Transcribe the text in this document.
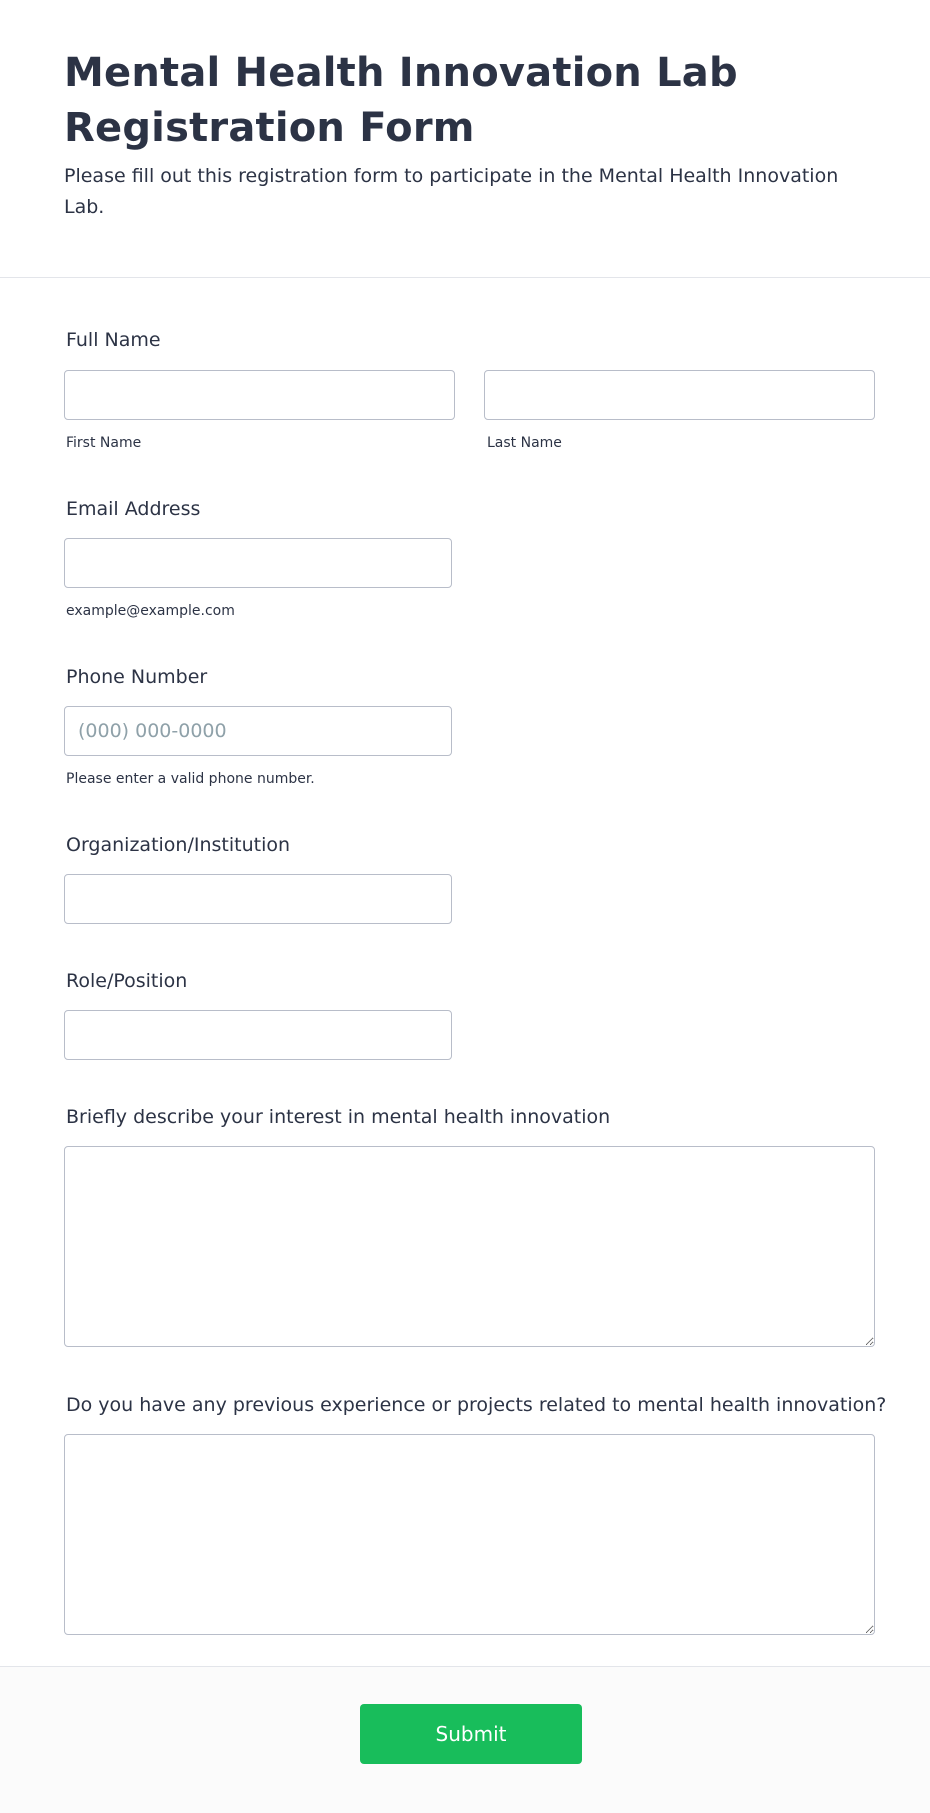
Mental Health Innovation Lab Registration Form

Please fill out this registration form to participate in the Mental Health Innovation Lab.

Full Name
First Name	Last Name
Email Address
example@example.com
Phone Number
(000) 000-0000
Please enter a valid phone number.
Organization/Institution
Role/Position
Briefly describe your interest in mental health innovation
Do you have any previous experience or projects related to mental health innovation?
Submit
